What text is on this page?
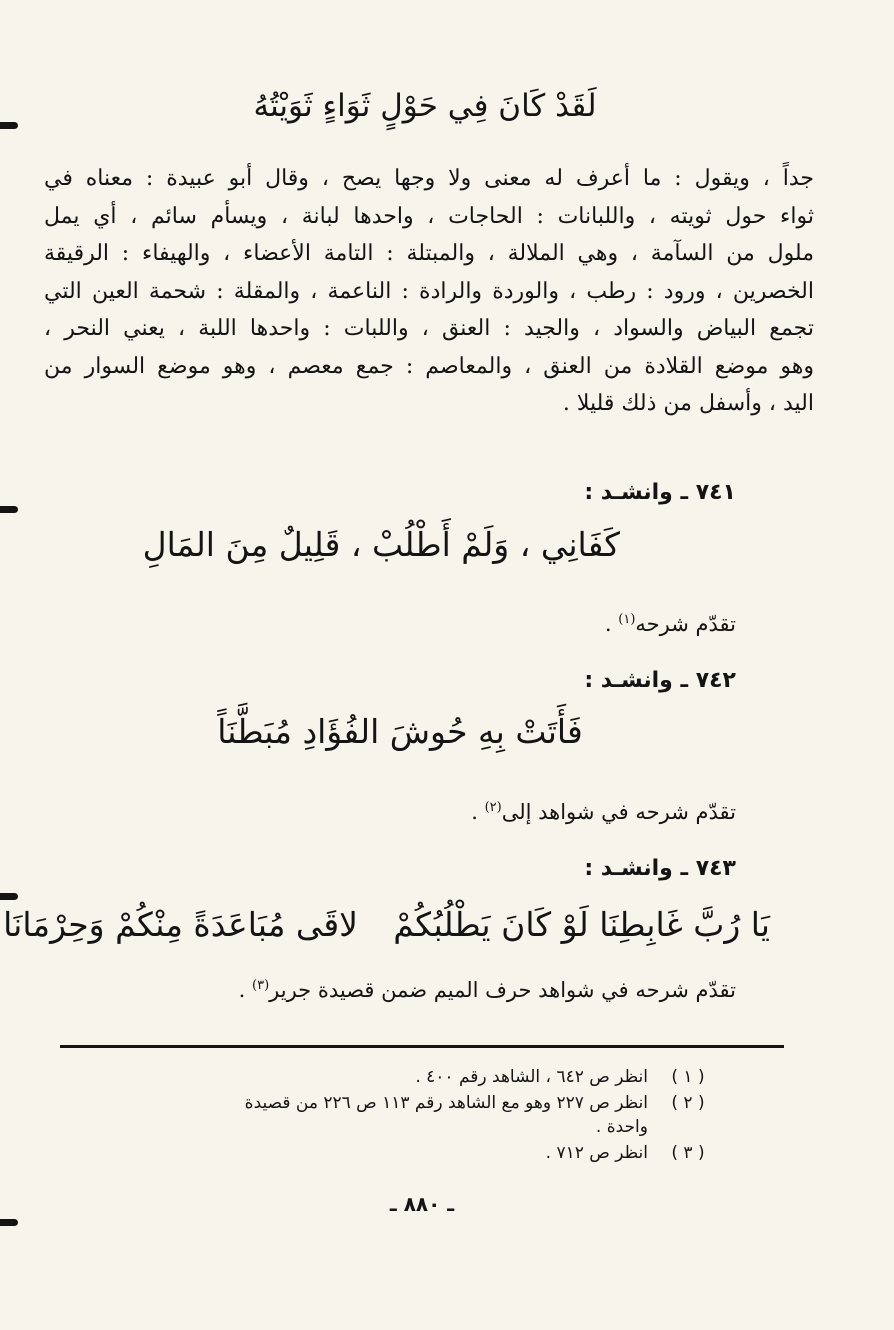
لَقَدْ كَانَ فِي حَوْلٍ ثَوَاءٍ ثَوَيْتُهُ
جداً ، ويقول : ما أعرف له معنى ولا وجها يصح ، وقال أبو عبيدة : معناه في
ثواء حول ثويته ، واللبانات : الحاجات ، واحدها لبانة ، ويسأم سائم ، أي يمل
ملول من السآمة ، وهي الملالة ، والمبتلة : التامة الأعضاء ، والهيفاء : الرقيقة
الخصرين ، ورود : رطب ، والوردة والرادة : الناعمة ، والمقلة : شحمة العين التي
تجمع البياض والسواد ، والجيد : العنق ، واللبات : واحدها اللبة ، يعني النحر ،
وهو موضع القلادة من العنق ، والمعاصم : جمع معصم ، وهو موضع السوار من
اليد ، وأسفل من ذلك قليلا .
٧٤١ ـ وانشـد :
كَفَانِي ، وَلَمْ أَطْلُبْ ، قَلِيلٌ مِنَ المَالِ
تقدّم شرحه$^{(١)}$ .
٧٤٢ ـ وانشـد :
فَأَتَتْ بِهِ حُوشَ الفُؤَادِ مُبَطَّنَاً
تقدّم شرحه في شواهد إلى$^{(٢)}$ .
٧٤٣ ـ وانشـد :
يَا رُبَّ غَابِطِنَا لَوْ كَانَ يَطْلُبُكُمْ
لاقَى مُبَاعَدَةً مِنْكُمْ وَحِرْمَانَا
تقدّم شرحه في شواهد حرف الميم ضمن قصيدة جرير$^{(٣)}$ .
( ١ )
انظر ص ٦٤٢ ، الشاهد رقم ٤٠٠ .
( ٢ )
انظر ص ٢٢٧ وهو مع الشاهد رقم ١١٣ ص ٢٢٦ من قصيدة
واحدة .
( ٣ )
انظر ص ٧١٢ .
ـ ٨٨٠ ـ
